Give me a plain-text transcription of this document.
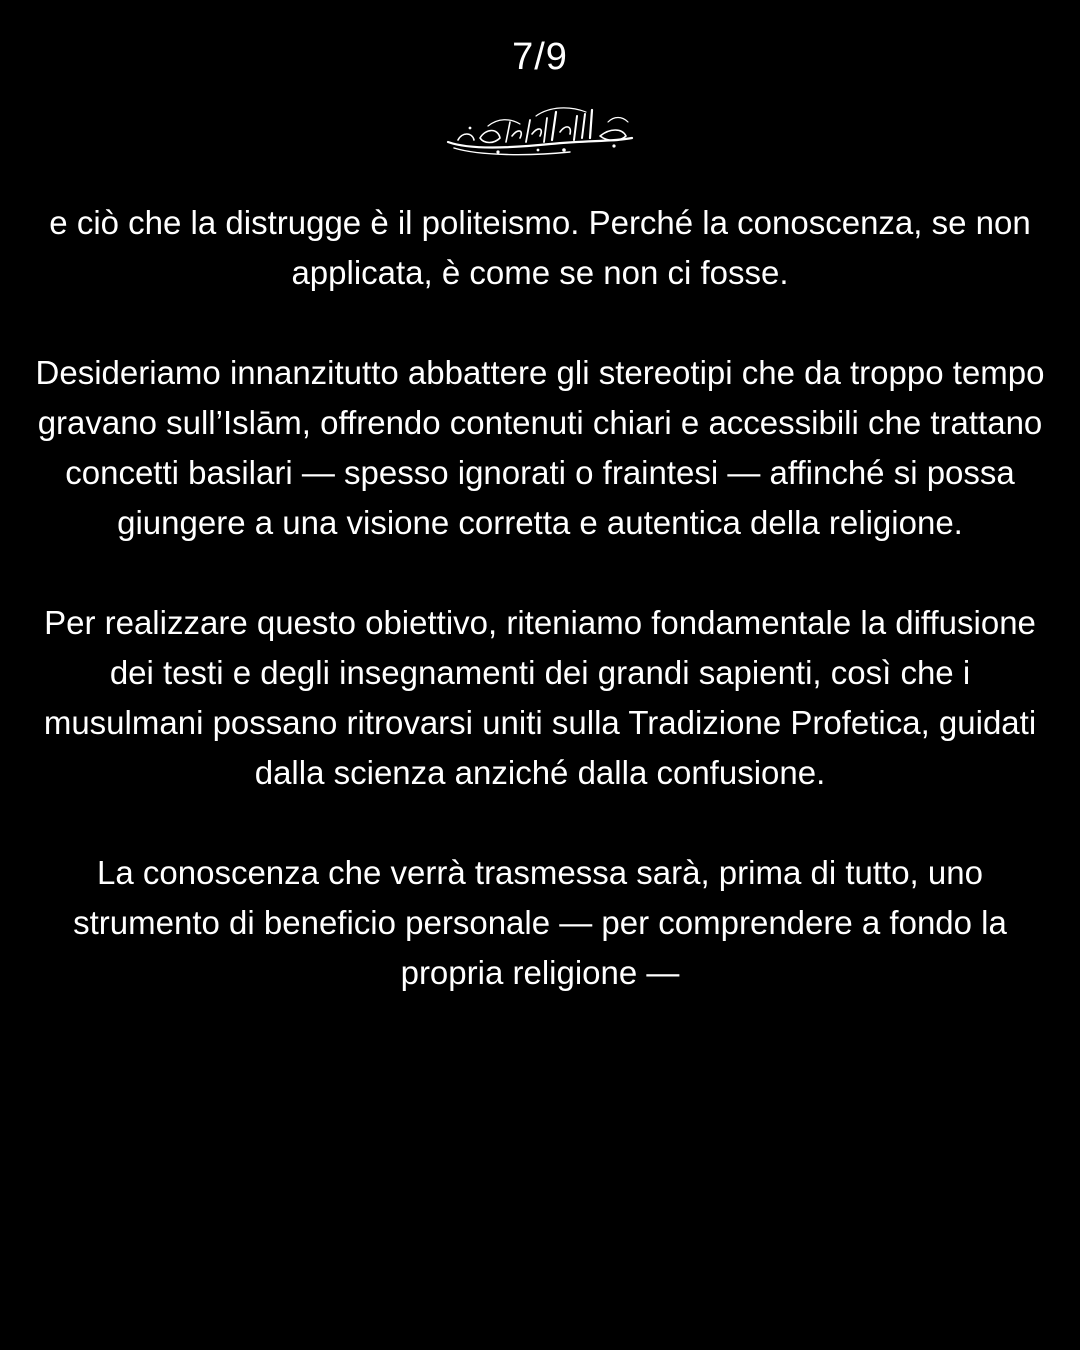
7/9

e ciò che la distrugge è il politeismo. Perché la conoscenza, se non applicata, è come se non ci fosse.

Desideriamo innanzitutto abbattere gli stereotipi che da troppo tempo gravano sull’Islām, offrendo contenuti chiari e accessibili che trattano concetti basilari — spesso ignorati o fraintesi — affinché si possa giungere a una visione corretta e autentica della religione.

Per realizzare questo obiettivo, riteniamo fondamentale la diffusione dei testi e degli insegnamenti dei grandi sapienti, così che i musulmani possano ritrovarsi uniti sulla Tradizione Profetica, guidati dalla scienza anziché dalla confusione.

La conoscenza che verrà trasmessa sarà, prima di tutto, uno strumento di beneficio personale — per comprendere a fondo la propria religione —
